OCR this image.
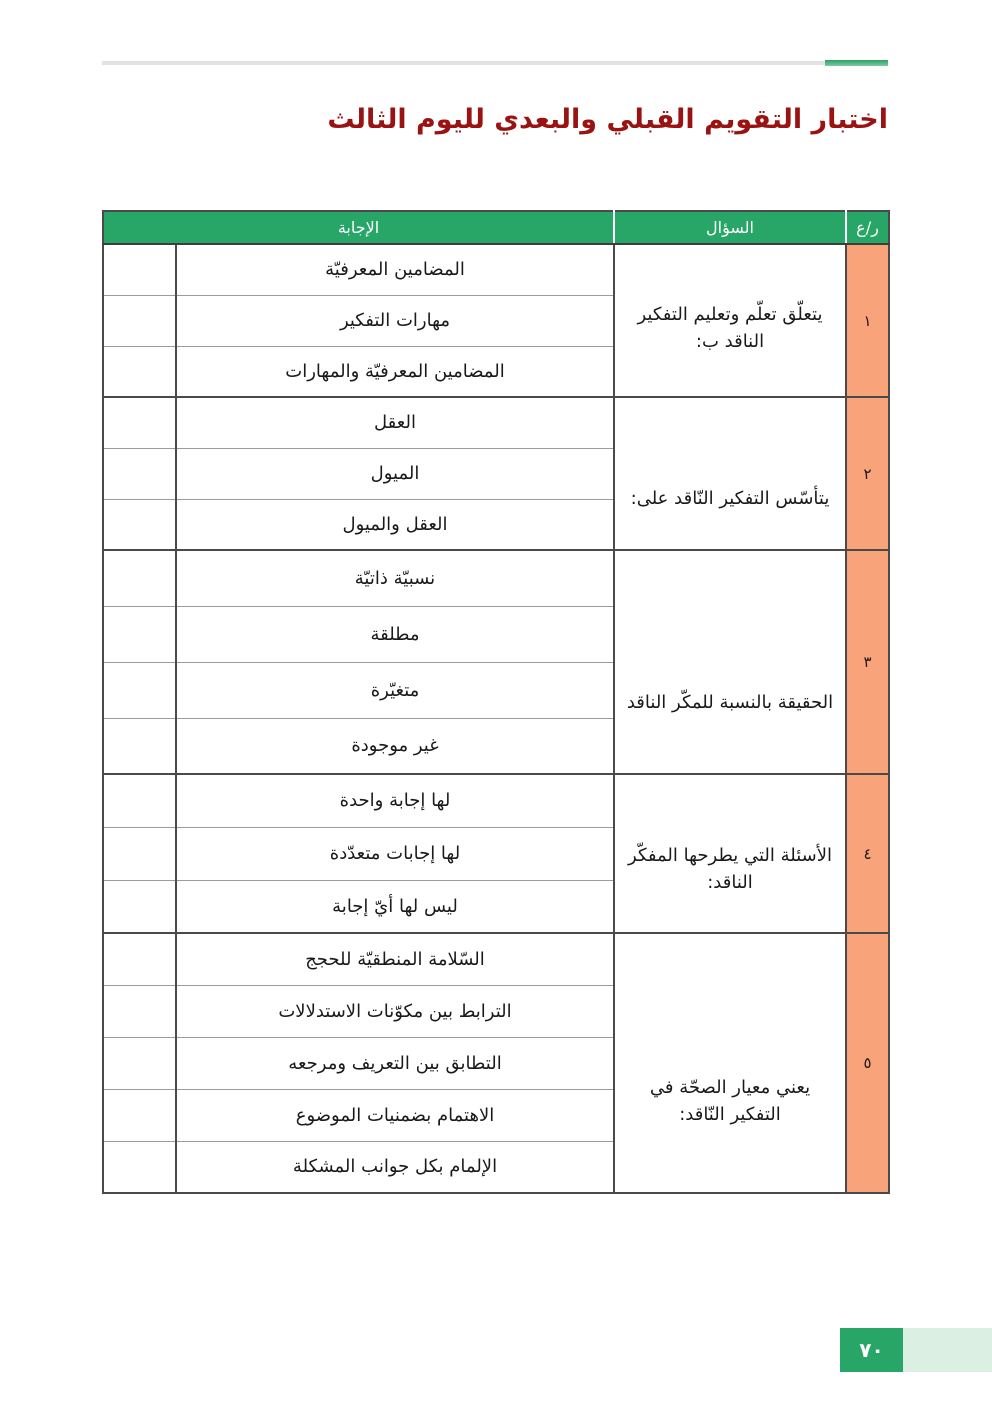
اختبار التقويم القبلي والبعدي لليوم الثالث
ر/ع	السؤال	الإجابة	
١	يتعلّق تعلّم وتعليم التفكير الناقد ب:	المضامين المعرفيّة	
		مهارات التفكير	
		المضامين المعرفيّة والمهارات	
٢	يتأسّس التفكير النّاقد على:	العقل	
		الميول	
		العقل والميول	
٣	الحقيقة بالنسبة للمكّر الناقد	نسبيّة ذاتيّة	
		مطلقة	
		متغيّرة	
		غير موجودة	
٤	الأسئلة التي يطرحها المفكّر الناقد:	لها إجابة واحدة	
		لها إجابات متعدّدة	
		ليس لها أيّ إجابة	
٥	يعني معيار الصحّة في التفكير النّاقد:	السّلامة المنطقيّة للحجج	
		الترابط بين مكوّنات الاستدلالات	
		التطابق بين التعريف ومرجعه	
		الاهتمام بضمنيات الموضوع	
		الإلمام بكل جوانب المشكلة	
٧٠
